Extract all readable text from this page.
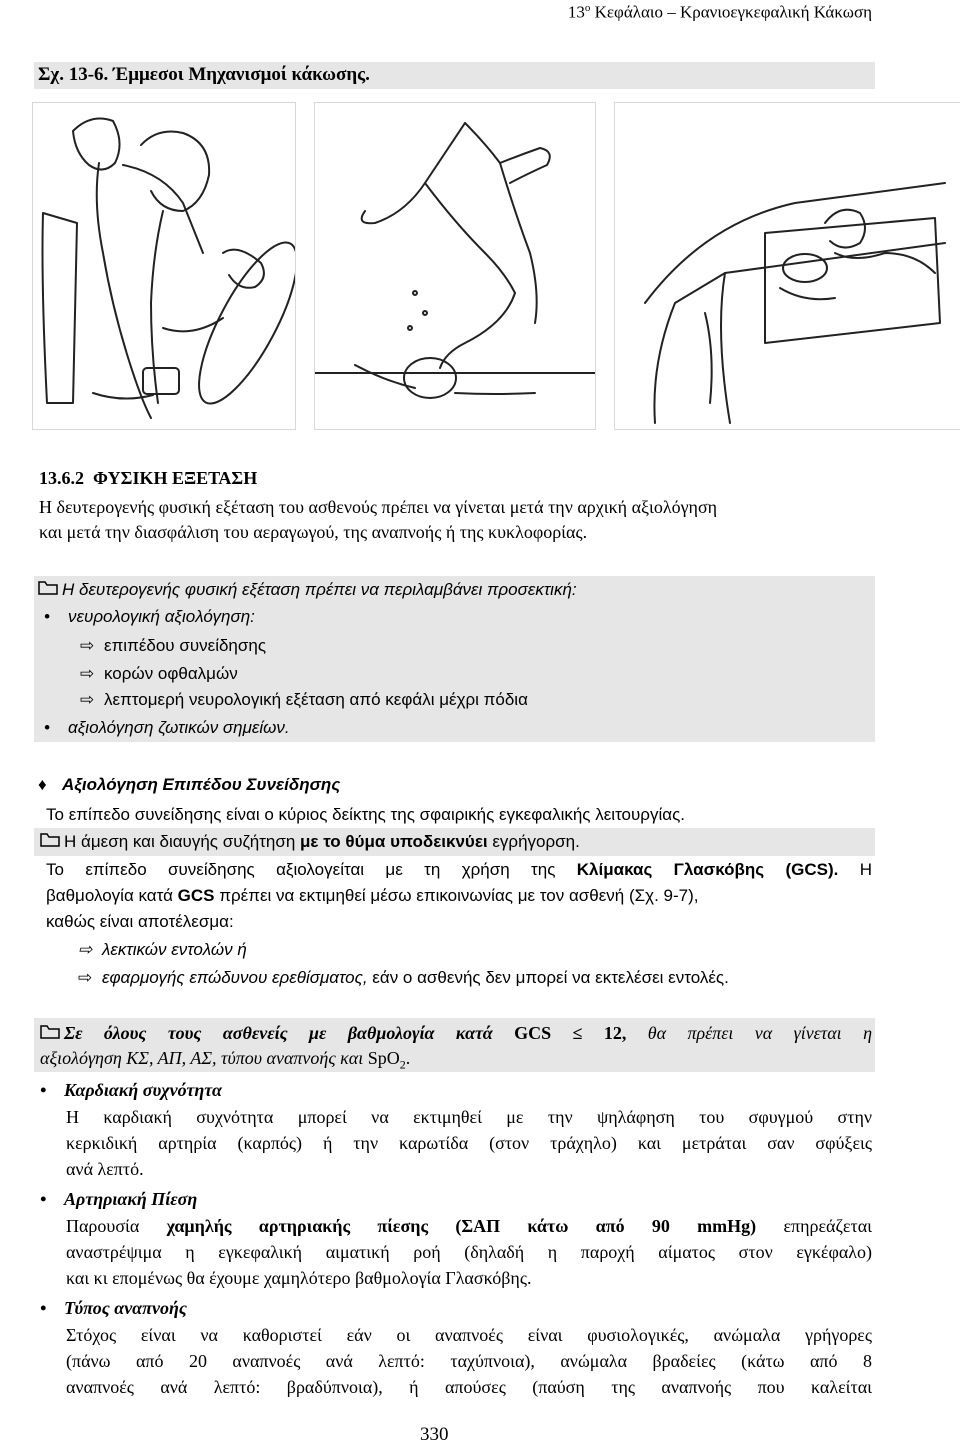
$13^o$ Κεφάλαιο – Κρανιοεγκεφαλική Κάκωση
Σχ. 13-6. Έμμεσοι Μηχανισμοί κάκωσης.
13.6.2 ΦΥΣΙΚΗ ΕΞΕΤΑΣΗ
Η δευτερογενής φυσική εξέταση του ασθενούς πρέπει να γίνεται μετά την αρχική αξιολόγηση
και μετά την διασφάλιση του αεραγωγού, της αναπνοής ή της κυκλοφορίας.
Η δευτερογενής φυσική εξέταση πρέπει να περιλαμβάνει προσεκτική:
• νευρολογική αξιολόγηση:
⇨ επιπέδου συνείδησης
⇨ κορών οφθαλμών
⇨ λεπτομερή νευρολογική εξέταση από κεφάλι μέχρι πόδια
• αξιολόγηση ζωτικών σημείων.
♦ Αξιολόγηση Επιπέδου Συνείδησης
Το επίπεδο συνείδησης είναι ο κύριος δείκτης της σφαιρικής εγκεφαλικής λειτουργίας.
Η άμεση και διαυγής συζήτηση με το θύμα υποδεικνύει εγρήγορση.
Το επίπεδο συνείδησης αξιολογείται με τη χρήση της Κλίμακας Γλασκόβης (GCS). Η
βαθμολογία κατά GCS πρέπει να εκτιμηθεί μέσω επικοινωνίας με τον ασθενή (Σχ. 9-7),
καθώς είναι αποτέλεσμα:
⇨ λεκτικών εντολών ή
⇨ εφαρμογής επώδυνου ερεθίσματος, εάν ο ασθενής δεν μπορεί να εκτελέσει εντολές.
Σε όλους τους ασθενείς με βαθμολογία κατά GCS ≤ 12, θα πρέπει να γίνεται η
αξιολόγηση ΚΣ, ΑΠ, ΑΣ, τύπου αναπνοής και SpO$_2$.
• Καρδιακή συχνότητα
Η καρδιακή συχνότητα μπορεί να εκτιμηθεί με την ψηλάφηση του σφυγμού στην
κερκιδική αρτηρία (καρπός) ή την καρωτίδα (στον τράχηλο) και μετράται σαν σφύξεις
ανά λεπτό.
• Αρτηριακή Πίεση
Παρουσία χαμηλής αρτηριακής πίεσης (ΣΑΠ κάτω από 90 mmHg) επηρεάζεται
αναστρέψιμα η εγκεφαλική αιματική ροή (δηλαδή η παροχή αίματος στον εγκέφαλο)
και κι επομένως θα έχουμε χαμηλότερο βαθμολογία Γλασκόβης.
• Τύπος αναπνοής
Στόχος είναι να καθοριστεί εάν οι αναπνοές είναι φυσιολογικές, ανώμαλα γρήγορες
(πάνω από 20 αναπνοές ανά λεπτό: ταχύπνοια), ανώμαλα βραδείες (κάτω από 8
αναπνοές ανά λεπτό: βραδύπνοια), ή απούσες (παύση της αναπνοής που καλείται
330
